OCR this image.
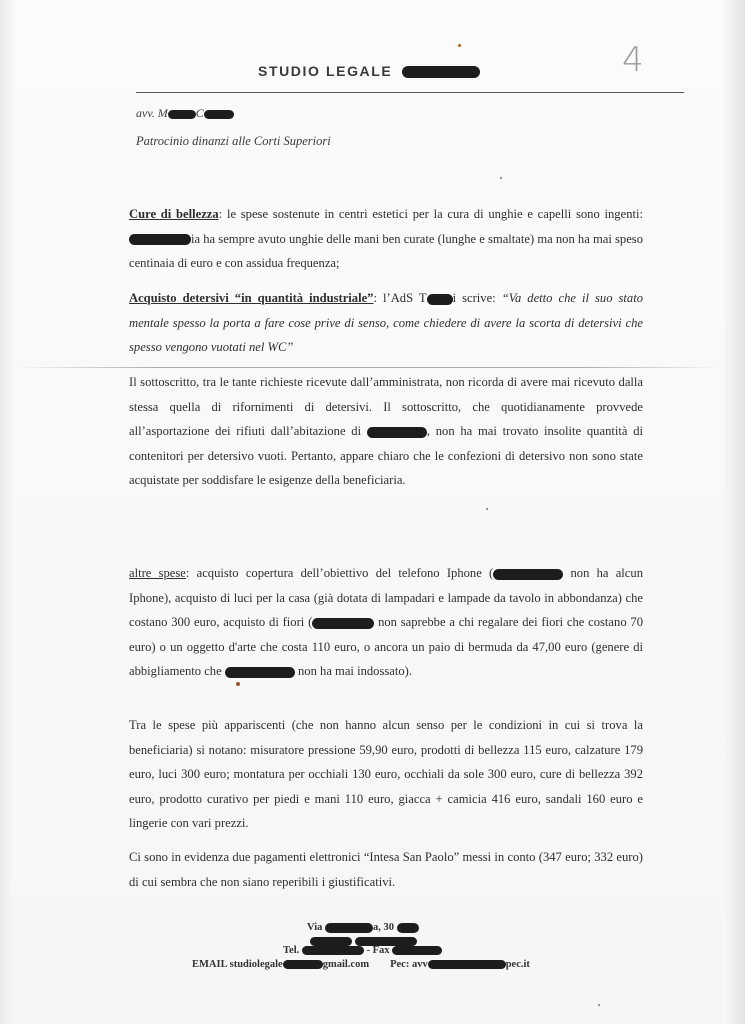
STUDIO LEGALE	4
avv. M C
Patrocinio dinanzi alle Corti Superiori
Cure di bellezza: le spese sostenute in centri estetici per la cura di unghie e capelli sono ingenti: ia ha sempre avuto unghie delle mani ben curate (lunghe e smaltate) ma non ha mai speso centinaia di euro e con assidua frequenza;
Acquisto detersivi “in quantità industriale”: l’AdS T i scrive: “Va detto che il suo stato mentale spesso la porta a fare cose prive di senso, come chiedere di avere la scorta di detersivi che spesso vengono vuotati nel WC”
Il sottoscritto, tra le tante richieste ricevute dall’amministrata, non ricorda di avere mai ricevuto dalla stessa quella di rifornimenti di detersivi. Il sottoscritto, che quotidianamente provvede all’asportazione dei rifiuti dall’abitazione di	, non ha mai trovato insolite quantità di contenitori per detersivo vuoti. Pertanto, appare chiaro che le confezioni di detersivo non sono state acquistate per soddisfare le esigenze della beneficiaria.
altre spese: acquisto copertura dell’obiettivo del telefono Iphone (	non ha alcun Iphone), acquisto di luci per la casa (già dotata di lampadari e lampade da tavolo in abbondanza) che costano 300 euro, acquisto di fiori (	non saprebbe a chi regalare dei fiori che costano 70 euro) o un oggetto d'arte che costa 110 euro, o ancora un paio di bermuda da 47,00 euro (genere di abbigliamento che	non ha mai indossato).
Tra le spese più appariscenti (che non hanno alcun senso per le condizioni in cui si trova la beneficiaria) si notano: misuratore pressione 59,90 euro, prodotti di bellezza 115 euro, calzature 179 euro, luci 300 euro; montatura per occhiali 130 euro, occhiali da sole 300 euro, cure di bellezza 392 euro, prodotto curativo per piedi e mani 110 euro, giacca + camicia 416 euro, sandali 160 euro e lingerie con vari prezzi.
Ci sono in evidenza due pagamenti elettronici “Intesa San Paolo” messi in conto (347 euro; 332 euro) di cui sembra che non siano reperibili i giustificativi.
Via	a, 30

Tel.	- Fax
EMAIL studiolegale	gmail.com Pec: avv	pec.it
